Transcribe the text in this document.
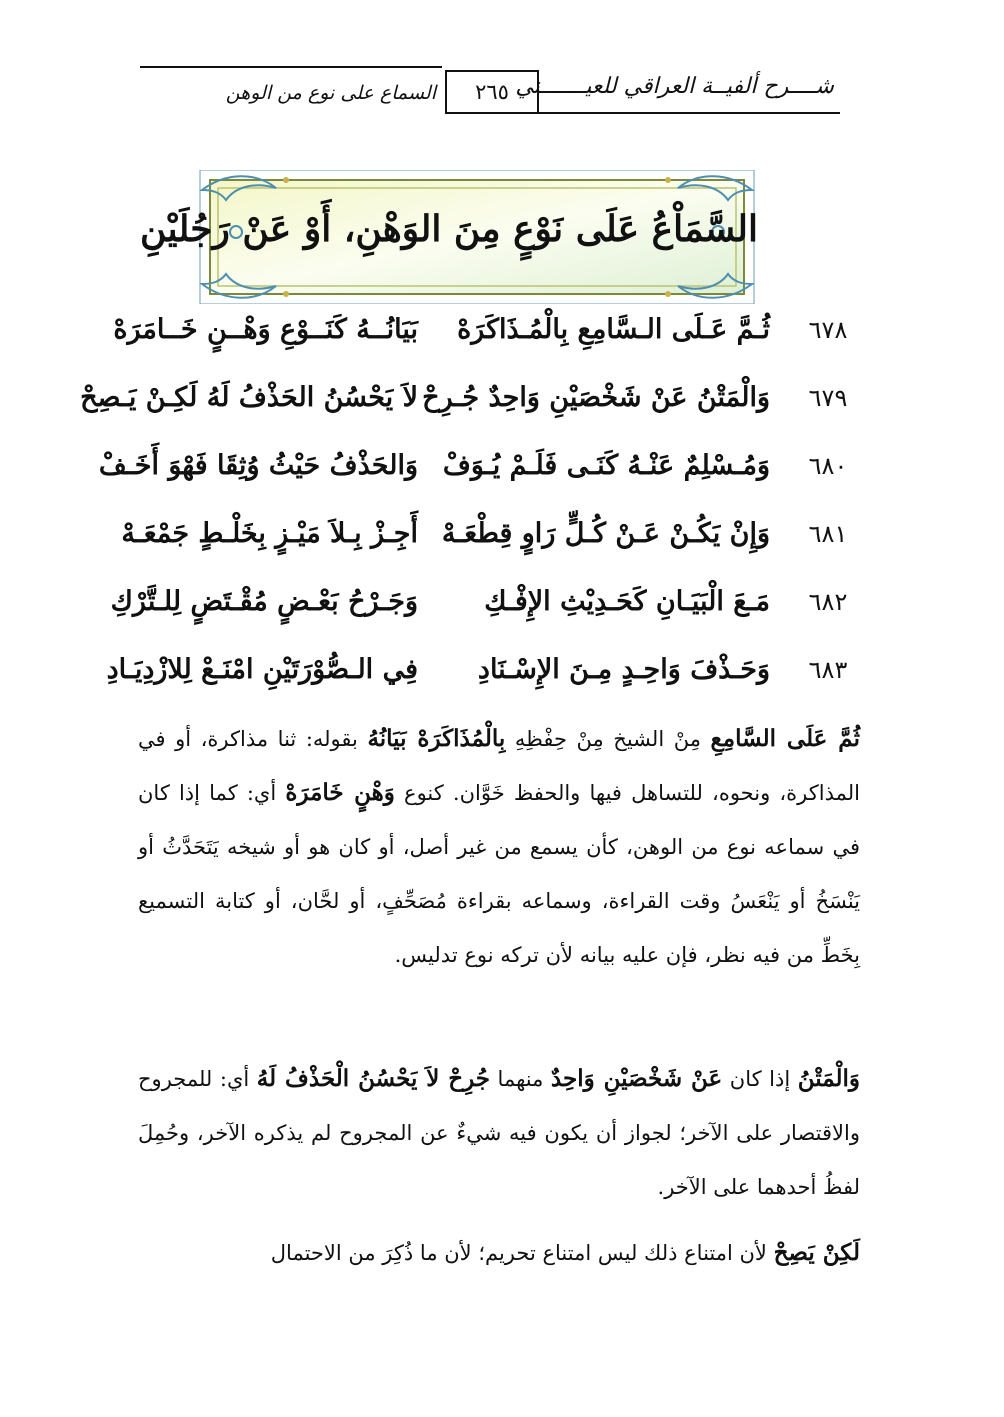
شــــرح ألفيــة العراقي للعيـــــــني
٢٦٥
السماع على نوع من الوهن
السَّمَاْعُ عَلَى نَوْعٍ مِنَ الوَهْنِ، أَوْ عَنْ رَجُلَيْنِ
٦٧٨
ثُـمَّ عَـلَى الـسَّامِعِ بِالْمُـذَاكَرَهْ
بَيَانُــهُ كَنَــوْعِ وَهْــنٍ خَــامَرَهْ
٦٧٩
وَالْمَتْنُ عَنْ شَخْصَيْنِ وَاحِدٌ جُـرِحْ
لاَ يَحْسُنُ الحَذْفُ لَهُ لَكِـنْ يَـصِحْ
٦٨٠
وَمُـسْلِمٌ عَنْـهُ كَنَـى فَلَـمْ يُـوَفْ
وَالحَذْفُ حَيْثُ وُثِقَا فَهْوَ أَخَـفْ
٦٨١
وَإِنْ يَكُـنْ عَـنْ كُـلٍّ رَاوٍ قِطْعَـهْ
أَجِـزْ بِـلاَ مَيْـزٍ بِخَلْـطٍ جَمْعَـهْ
٦٨٢
مَـعَ الْبَيَـانِ كَحَـدِيْثِ الإِفْـكِ
وَجَـرْحُ بَعْـضٍ مُقْـتَضٍ لِلـتَّرْكِ
٦٨٣
وَحَـذْفَ وَاحِـدٍ مِـنَ الإِسْـنَادِ
فِي الـصُّوْرَتَيْنِ امْنَـعْ لِلازْدِيَـادِ
ثُمَّ عَلَى السَّامِعِ مِنْ الشيخ مِنْ حِفْظِهِ بِالْمُذَاكَرَهْ بَيَانُهُ بقوله: ثنا مذاكرة، أو في المذاكرة، ونحوه، للتساهل فيها والحفظ خَوَّان. كنوع وَهْنٍ خَامَرَهْ أي: كما إذا كان في سماعه نوع من الوهن، كأن يسمع من غير أصل، أو كان هو أو شيخه يَتَحَدَّثُ أو يَنْسَخُ أو يَنْعَسُ وقت القراءة، وسماعه بقراءة مُصَحِّفٍ، أو لحَّان، أو كتابة التسميع بِخَطِّ من فيه نظر، فإن عليه بيانه لأن تركه نوع تدليس.
وَالْمَتْنُ إذا كان عَنْ شَخْصَيْنِ وَاحِدٌ منهما جُرِحْ لاَ يَحْسُنُ الْحَذْفُ لَهُ أي: للمجروح والاقتصار على الآخر؛ لجواز أن يكون فيه شيءٌ عن المجروح لم يذكره الآخر، وحُمِلَ لفظُ أحدهما على الآخر.
لَكِنْ يَصِحْ لأن امتناع ذلك ليس امتناع تحريم؛ لأن ما ذُكِرَ من الاحتمال
